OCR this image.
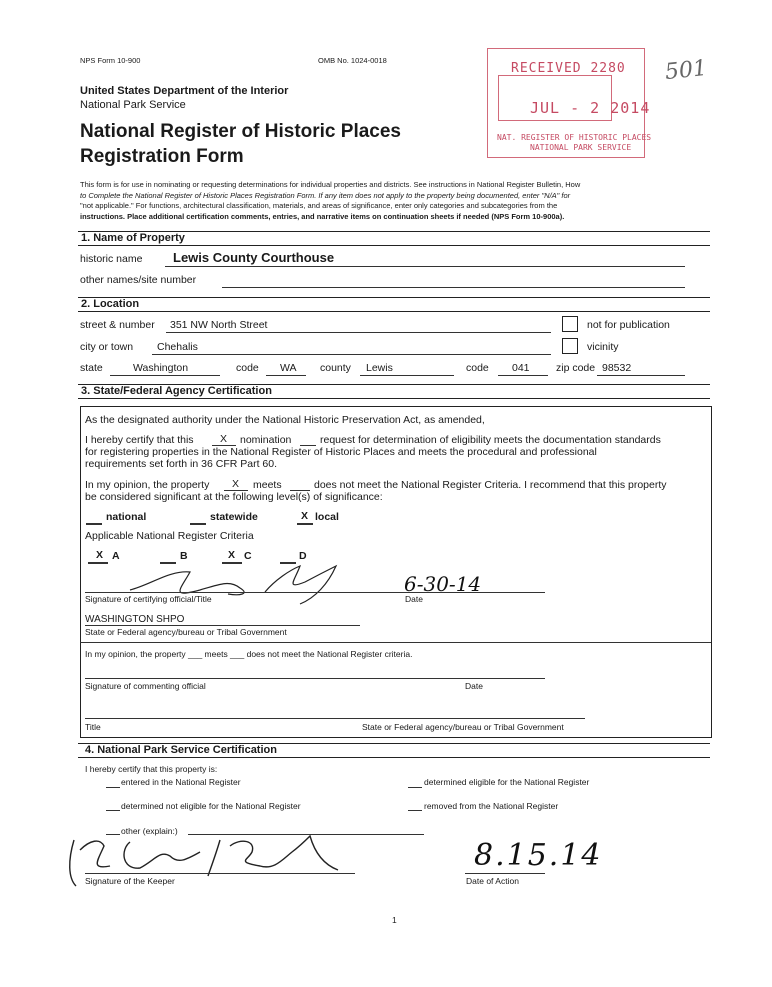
NPS Form 10-900	OMB No. 1024-0018	501
United States Department of the Interior
National Park Service
National Register of Historic Places
Registration Form
RECEIVED 2280
JUL - 2 2014
NAT. REGISTER OF HISTORIC PLACES
NATIONAL PARK SERVICE
This form is for use in nominating or requesting determinations for individual properties and districts. See instructions in National Register Bulletin, How
to Complete the National Register of Historic Places Registration Form. If any item does not apply to the property being documented, enter "N/A" for
"not applicable." For functions, architectural classification, materials, and areas of significance, enter only categories and subcategories from the
instructions. Place additional certification comments, entries, and narrative items on continuation sheets if needed (NPS Form 10-900a).
1. Name of Property
historic name Lewis County Courthouse
other names/site number
2. Location
street & number 351 NW North Street	not for publication
city or town Chehalis	vicinity
state	Washington	code WA county Lewis	code 041	zip code 98532
3. State/Federal Agency Certification
As the designated authority under the National Historic Preservation Act, as amended,
I hereby certify that this	X nomination	request for determination of eligibility meets the documentation standards
for registering properties in the National Register of Historic Places and meets the procedural and professional
requirements set forth in 36 CFR Part 60.
In my opinion, the property X meets	does not meet the National Register Criteria. I recommend that this property
be considered significant at the following level(s) of significance:
national	statewide	X local
Applicable National Register Criteria
X A	B	X C	D
6-30-14
Signature of certifying official/Title	Date
WASHINGTON SHPO
State or Federal agency/bureau or Tribal Government
In my opinion, the property ___ meets ___ does not meet the National Register criteria.
Signature of commenting official	Date
Title	State or Federal agency/bureau or Tribal Government
4. National Park Service Certification
I hereby certify that this property is:
entered in the National Register	determined eligible for the National Register
determined not eligible for the National Register	removed from the National Register
other (explain:)
8.15.14
Signature of the Keeper	Date of Action
1
